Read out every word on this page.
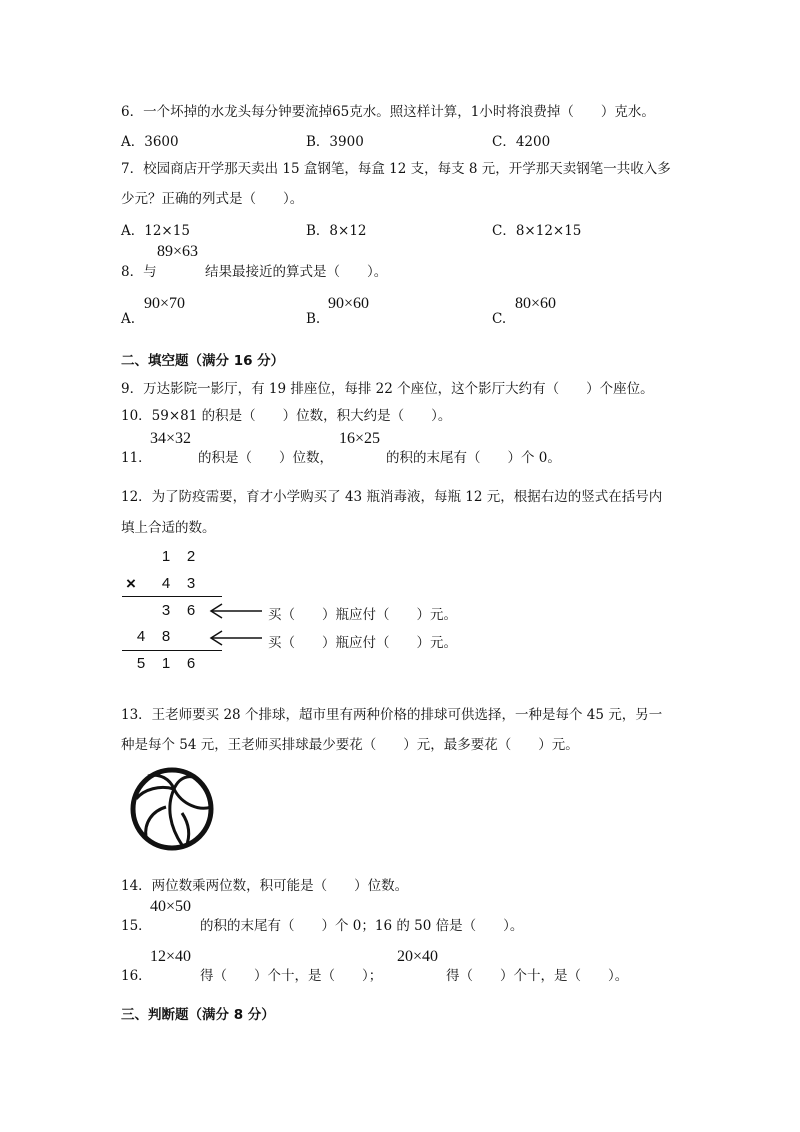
6．一个坏掉的水龙头每分钟要流掉65克水。照这样计算，1小时将浪费掉（　　）克水。
A．3600	B．3900	C．4200
7．校园商店开学那天卖出 15 盒钢笔，每盒 12 支，每支 8 元，开学那天卖钢笔一共收入多
少元？正确的列式是（　　）。
A．12×15	B．8×12	C．8×12×15
8．与
89×63
结果最接近的算式是（　　）。
A.
90×70
B.
90×60
C.
80×60
二、填空题（满分 16 分）
9．万达影院一影厅，有 19 排座位，每排 22 个座位，这个影厅大约有（　　）个座位。
10．59×81 的积是（　　）位数，积大约是（　　）。
11．
34×32
的积是（　　）位数，
16×25
的积的末尾有（　　）个 0。
12．为了防疫需要，育才小学购买了 43 瓶消毒液，每瓶 12 元，根据右边的竖式在括号内
填上合适的数。
1 2
× 4 3
3 6
4 8
5 1 6
买（　　）瓶应付（　　）元。
买（　　）瓶应付（　　）元。
13．王老师要买 28 个排球，超市里有两种价格的排球可供选择，一种是每个 45 元，另一
种是每个 54 元，王老师买排球最少要花（　　）元，最多要花（　　）元。
14．两位数乘两位数，积可能是（　　）位数。
15．
40×50
的积的末尾有（　　）个 0；16 的 50 倍是（　　）。
16．
12×40
得（　　）个十，是（　　）；
20×40
得（　　）个十，是（　　）。
三、判断题（满分 8 分）
